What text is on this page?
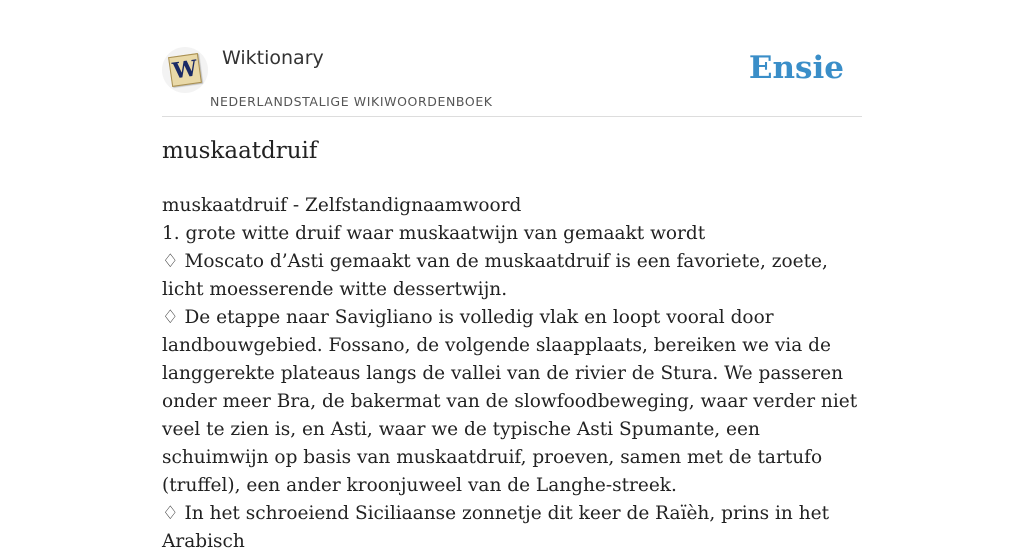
W Wiktionary
NEDERLANDSTALIGE WIKIWOORDENBOEK
Ensie
muskaatdruif

muskaatdruif - Zelfstandignaamwoord

1. grote witte druif waar muskaatwijn van gemaakt wordt

♢ Moscato d’Asti gemaakt van de muskaatdruif is een favoriete, zoete, licht moesserende witte dessertwijn.

♢ De etappe naar Savigliano is volledig vlak en loopt vooral door landbouwgebied. Fossano, de volgende slaapplaats, bereiken we via de langgerekte plateaus langs de vallei van de rivier de Stura. We passeren onder meer Bra, de bakermat van de slowfoodbeweging, waar verder niet veel te zien is, en Asti, waar we de typische Asti Spumante, een schuimwijn op basis van muskaatdruif, proeven, samen met de tartufo (truffel), een ander kroonjuweel van de Langhe-streek.

♢ In het schroeiend Siciliaanse zonnetje dit keer de Raïèh, prins in het Arabisch
